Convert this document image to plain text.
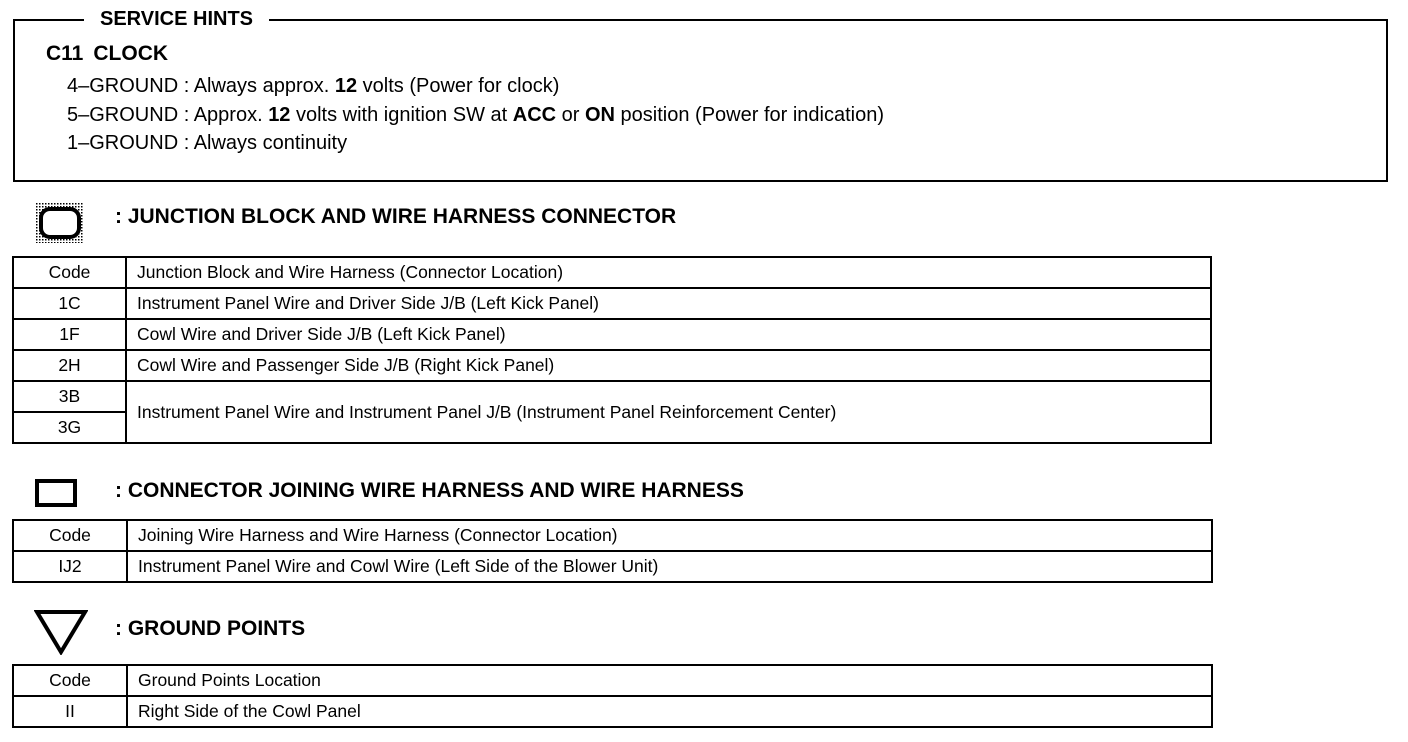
SERVICE HINTS
C11 CLOCK
4–GROUND : Always approx. 12 volts (Power for clock)
5–GROUND : Approx. 12 volts with ignition SW at ACC or ON position (Power for indication)
1–GROUND : Always continuity
: JUNCTION BLOCK AND WIRE HARNESS CONNECTOR
Code	Junction Block and Wire Harness (Connector Location)
1C	Instrument Panel Wire and Driver Side J/B (Left Kick Panel)
1F	Cowl Wire and Driver Side J/B (Left Kick Panel)
2H	Cowl Wire and Passenger Side J/B (Right Kick Panel)
3B	Instrument Panel Wire and Instrument Panel J/B (Instrument Panel Reinforcement Center)
3G	
: CONNECTOR JOINING WIRE HARNESS AND WIRE HARNESS
Code	Joining Wire Harness and Wire Harness (Connector Location)
IJ2	Instrument Panel Wire and Cowl Wire (Left Side of the Blower Unit)
: GROUND POINTS
Code	Ground Points Location
II	Right Side of the Cowl Panel
